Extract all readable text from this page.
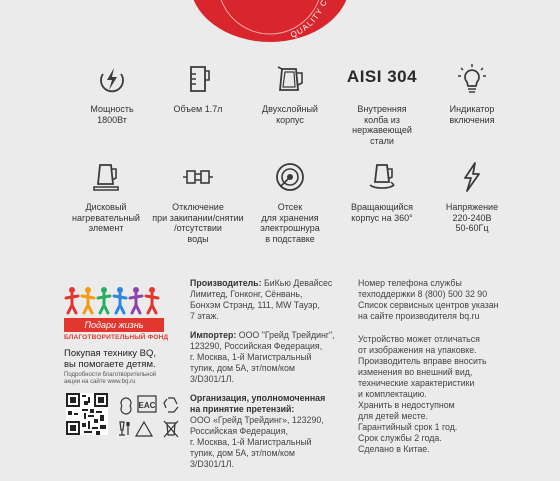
QUALITY C
Мощность
1800Вт
Объем 1.7л	Двухслойный
корпус
AISI 304
Внутренняя
колба из
нержавеющей
стали
Индикатор
включения
Дисковый
нагревательный
элемент
Отключение
при закипании/снятии
/отсутствии
воды
Отсек
для хранения
электрошнура
в подставке
Вращающийся
корпус на 360°
Напряжение
220-240В
50-60Гц
Подари жизнь
БЛАГОТВОРИТЕЛЬНЫЙ ФОНД
Покупая технику BQ,
вы помогаете детям.
Подробности благотворительной
акции на сайте www.bq.ru
EAC

Производитель: БиКью Девайсес
Лимитед, Гонконг, Сёнвань,
Бонхэм Стрэнд, 111, MW Тауэр,
7 этаж.

Импортер: ООО "Грейд Трейдинг",
123290, Российская Федерация,
г. Москва, 1-й Магистральный
тупик, дом 5А, эт/пом/ком
3/D301/1Л.

Организация, уполномоченная
на принятие претензий:
ООО «Грейд Трейдинг», 123290,
Российская Федерация,
г. Москва, 1-й Магистральный
тупик, дом 5А, эт/пом/ком
3/D301/1Л.

Номер телефона службы
техподдержки 8 (800) 500 32 90
Список сервисных центров указан
на сайте производителя bq.ru

Устройство может отличаться
от изображения на упаковке.
Производитель вправе вносить
изменения во внешний вид,
технические характеристики
и комплектацию.
Хранить в недоступном
для детей месте.
Гарантийный срок 1 год.
Срок службы 2 года.
Сделано в Китае.
